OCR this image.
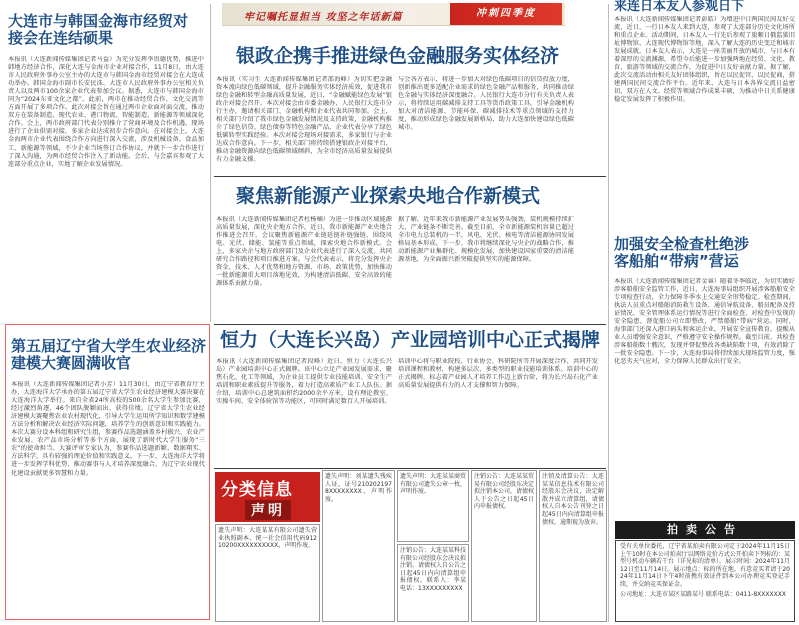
牢记嘱托显担当 攻坚之年话新篇	冲刺四季度
大连市与韩国金海市经贸对接会在连结硕果
本报讯（大连新闻传媒集团记者马益）为充分发挥李贵德优势，推进中韩地方经济合作，深化大连与金海市企业对接合作，11月8日，由大连市人民政府外事办公室主办的大连市与韩国金海市经贸对接会在大连成功举办。韩国金海市副市长安民洙、大连市人民政府外事办公室相关负责人以及两市100余家企业代表参加会议。据悉，大连市与韩国金海市同为“2024东亚文化之都”。此前，两市在推动经贸合作、文化交流等方面开展了多项合作。此次对接会旨在通过两市企业面对面交流，推动双方在装备制造、现代农业、港口物流、智能制造、新能源等领域深化合作。会上，两市政府部门代表分别推介了营商环境及合作机遇，现场进行了企业供需对接，多家企业达成初步合作意向。在对接会上，大连金海两市企业代表围绕合作方向进行深入交流，涉及机械设备、食品加工、新能源等领域，不少企业当场签订合作协议，并就下一步合作进行了深入沟通，为两市经贸合作注入了新动能。会后，与会嘉宾参观了大连部分重点企业，实地了解企业发展情况。
第五届辽宁省大学生农业经济建模大赛圆满收官
本报讯（大连新闻传媒集团记者小芳）11月30日，由辽宁省教育厅主办，大连海洋大学承办的第五届辽宁省大学生农业经济建模大赛决赛在大连海洋大学举行。来自全省24所高校的500余名大学生参加比赛，经过激烈角逐，46个团队脱颖而出，获得佳绩。辽宁省大学生农业经济建模大赛聚焦农业农村现代化，引导大学生运用所学知识和数学建模方法分析和解决农业经济实际问题，培养学生的创新意识和实践能力。本次大赛分设本科组和研究生组，参赛作品选题涵盖乡村振兴、农业产业发展、农产品市场分析等多个方面，展现了新时代大学生服务“三农”的使命担当。大赛评审专家认为，参赛作品选题新颖、数据翔实、方法科学，具有较强的理论价值和实践意义。下一步，大连海洋大学将进一步发挥学科优势，推动赛事与人才培养深度融合，为辽宁农业现代化建设贡献更多智慧和力量。
银政企携手推进绿色金融服务实体经济
本报讯（实习生 大连新闻传媒集团记者邵海峰）为切实把金融资本流向绿色低碳领域，提升金融服务实体经济质效，促进我市绿色金融和转型金融高质量发展，近日，“金融赋能绿色发展”银政企对接会召开。本次对接会由市委金融办、人民银行大连市分行主办，邀请相关部门、金融机构和企业代表共同参加。会上，相关部门介绍了我市绿色金融发展情况及支持政策，金融机构推介了绿色信贷、绿色债券等特色金融产品，企业代表分享了绿色低碳转型实践经验。本次对接会现场对接需求，多家银行与企业达成合作意向。下一步，相关部门将持续搭建银政企对接平台，推动金融资源向绿色低碳领域倾斜，为全市经济高质量发展提供有力金融支撑。
与会各方表示，将进一步加大对绿色低碳项目的信贷投放力度，创新推出更多适配企业需求的绿色金融产品和服务，共同推动绿色金融与实体经济深度融合。人民银行大连市分行有关负责人表示，将持续运用碳减排支持工具等货币政策工具，引导金融机构加大对清洁能源、节能环保、碳减排技术等重点领域的支持力度，推动形成绿色金融发展新格局，助力大连加快建设绿色低碳城市。
聚焦新能源产业探索央地合作新模式
本报讯（大连新闻传媒集团记者杜杨楠）为进一步推动区域能源高质量发展，深化央企地方合作，近日，我市新能源产业央地合作推进会召开。会议聚焦新能源产业链延链补链强链，围绕风电、光伏、储能、氢能等重点领域，探索央地合作新模式。会上，多家央企与地方政府部门及企业代表进行了深入交流，共同研究合作路径和项目推进方案。与会代表表示，将充分发挥央企资金、技术、人才优势和地方资源、市场、政策优势，加快推动一批新能源重大项目落地见效，为构建清洁低碳、安全高效的能源体系贡献力量。
据了解，近年来我市新能源产业发展势头强劲，装机规模持续扩大，产业链条不断完善。截至目前，全市新能源装机容量已超过全市电力总装机的一半，风电、光伏、核电等清洁能源协同发展格局基本形成。下一步，我市将继续深化与央企的战略合作，推动新能源产业集群化、规模化发展，加快建设国家重要的清洁能源基地，为全面振兴新突破提供坚实的能源保障。
恒力（大连长兴岛）产业园培训中心正式揭牌
本报讯（大连新闻传媒集团记者段峰）近日，恒力（大连长兴岛）产业园培训中心正式揭牌。该中心立足产业园发展需求，聚焦石化、化工等领域，为企业员工提供专业技能培训、安全生产培训和职业素质提升等服务，着力打造高素质产业工人队伍。据介绍，培训中心总建筑面积约2000余平方米，设有理论教室、实操车间、安全体验馆等功能区，可同时满足数百人开展培训。
培训中心将与职业院校、行业协会、科研院所等开展深度合作，共同开发培训课程和教材，构建多层次、多类型的职业技能培训体系。培训中心的正式揭牌，标志着产业园人才培养工作迈上新台阶，将为长兴岛石化产业高质量发展提供有力的人才支撑和智力保障。
分类信息
声明
遗失声明：大连某某有限公司遗失营业执照副本，统一社会信用代码91210200XXXXXXXXXX，声明作废。
遗失声明：刘某遗失残疾人证，证号2102021978XXXXXXXX，声明作废。
遗失声明：大连某某商贸有限公司遗失公章一枚，声明作废。
注销公告：大连某某科技有限公司经股东会决议拟注销，请债权人自公告之日起45日内向清算组申报债权。联系人：李某 电话：13XXXXXXXXX
注销公告：大连某某贸易有限公司经股东决定拟注销本公司，请债权人于公告之日起45日内申报债权。
注销及清算公告：大连某某信息技术有限公司经股东会决议，决定解散并成立清算组，请债权人自本公告刊登之日起45日内向清算组申报债权，逾期视为放弃。
来连日本友人参观日下
本报讯（大连新闻传媒集团记者彭皓）为增进中日两国民间友好交流，近日，一行日本友人来到大连，参观了大连部分历史文化场所和重点企业。活动期间，日本友人一行先后参观了旅顺日俄监狱旧址博物馆、大连现代博物馆等地，深入了解大连的历史变迁和城市发展成就。日本友人表示，大连是一座美丽开放的城市，与日本有着深厚的交流渊源，希望今后能进一步加强两地在经贸、文化、教育、旅游等领域的交流合作，为促进中日友好贡献力量。据了解，此次交流活动由相关友好团体组织，旨在以民促官、以民促商，搭建两国民间交流合作平台。近年来，大连与日本各界交流日益密切，双方在人文、经贸等领域合作成果丰硕，为推动中日关系健康稳定发展发挥了积极作用。
加强安全检查杜绝涉客船舶“带病”营运
本报讯（大连新闻传媒集团记者金睿）随着冬季临近，为切实做好涉客船舶安全监管工作，近日，大连海事局组织开展涉客船舶安全专项检查行动，全力保障冬季水上交通安全形势稳定。检查期间，执法人员重点对船舶消防救生设备、通信导航设备、船员配备及持证情况、安全管理体系运行情况等进行全面检查，对检查中发现的安全隐患，督促船公司立即整改，严禁船舶“带病”营运。同时，海事部门还深入港口码头和客运企业，开展安全宣传教育，提醒从业人员增强安全意识，严格遵守安全操作规程。截至目前，共检查涉客船舶数十艘次，发现并督促整改各类缺陷数十项，有效消除了一批安全隐患。下一步，大连海事局将持续加大现场监管力度，强化恶劣天气应对，全力保障人民群众出行安全。
拍卖公告
受有关单位委托，辽宁省某拍卖有限公司定于2024年11月15日上午10时在本公司拍卖厅以网络竞价方式公开拍卖下列标的：某型号机动车辆若干台（详见标的清单）。展示时间：2024年11月12日至11月14日。展示地点：标的所在地。有意竞买者请于2024年11月14日下午4时前携有效证件到本公司办理竞买登记手续，并交纳竞买保证金。
公司地址：大连市某区某路某号 联系电话：0411-8XXXXXXX
